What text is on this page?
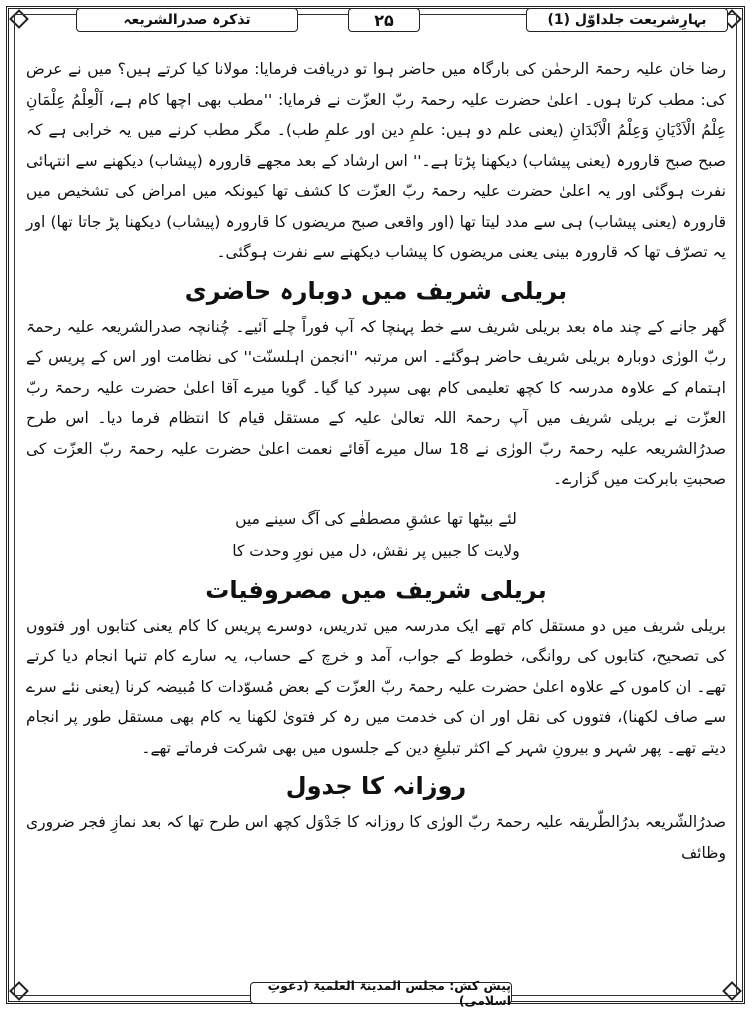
تذکرہ صدرالشریعہ	۲۵	بہارِشریعت جلداوّل (1)

رضا خان علیہ رحمۃ الرحمٰن کی بارگاہ میں حاضر ہوا تو دریافت فرمایا: مولانا کیا کرتے ہیں؟ میں نے عرض کی: مطب کرتا ہوں۔ اعلیٰ حضرت علیہ رحمۃ ربّ العزّت نے فرمایا: ''مطب بھی اچھا کام ہے، اَلْعِلْمُ عِلْمَانِ عِلْمُ الْاَدْیَانِ وَعِلْمُ الْاَبْدَانِ (یعنی علم دو ہیں: علمِ دین اور علمِ طب)۔ مگر مطب کرنے میں یہ خرابی ہے کہ صبح صبح قارورہ (یعنی پیشاب) دیکھنا پڑتا ہے۔'' اس ارشاد کے بعد مجھے قارورہ (پیشاب) دیکھنے سے انتہائی نفرت ہوگئی اور یہ اعلیٰ حضرت علیہ رحمۃ ربّ العزّت کا کشف تھا کیونکہ میں امراض کی تشخیص میں قارورہ (یعنی پیشاب) ہی سے مدد لیتا تھا (اور واقعی صبح مریضوں کا قارورہ (پیشاب) دیکھنا پڑ جاتا تھا) اور یہ تصرّف تھا کہ قارورہ بینی یعنی مریضوں کا پیشاب دیکھنے سے نفرت ہوگئی۔

بریلی شریف میں دوبارہ حاضری

گھر جانے کے چند ماہ بعد بریلی شریف سے خط پہنچا کہ آپ فوراً چلے آئیے۔ چُنانچہ صدرالشریعہ علیہ رحمۃ ربّ الورٰی دوبارہ بریلی شریف حاضر ہوگئے۔ اس مرتبہ ''انجمن اہلسنّت'' کی نظامت اور اس کے پریس کے اہتمام کے علاوہ مدرسہ کا کچھ تعلیمی کام بھی سپرد کیا گیا۔ گویا میرے آقا اعلیٰ حضرت علیہ رحمۃ ربّ العزّت نے بریلی شریف میں آپ رحمۃ اللہ تعالیٰ علیہ کے مستقل قیام کا انتظام فرما دیا۔ اس طرح صدرُالشریعہ علیہ رحمۃ ربّ الورٰی نے 18 سال میرے آقائے نعمت اعلیٰ حضرت علیہ رحمۃ ربّ العزّت کی صحبتِ بابرکت میں گزارے۔

لئے بیٹھا تھا عشقِ مصطفٰے کی آگ سینے میں

ولایت کا جبیں پر نقش، دل میں نورِ وحدت کا

بریلی شریف میں مصروفیات

بریلی شریف میں دو مستقل کام تھے ایک مدرسہ میں تدریس، دوسرے پریس کا کام یعنی کتابوں اور فتووں کی تصحیح، کتابوں کی روانگی، خطوط کے جواب، آمد و خرچ کے حساب، یہ سارے کام تنہا انجام دیا کرتے تھے۔ ان کاموں کے علاوہ اعلیٰ حضرت علیہ رحمۃ ربّ العزّت کے بعض مُسوّدات کا مُبیضہ کرنا (یعنی نئے سرے سے صاف لکھنا)، فتووں کی نقل اور ان کی خدمت میں رہ کر فتویٰ لکھنا یہ کام بھی مستقل طور پر انجام دیتے تھے۔ پھر شہر و بیرونِ شہر کے اکثر تبلیغِ دین کے جلسوں میں بھی شرکت فرماتے تھے۔

روزانہ کا جدول

صدرُالشّریعہ بدرُالطّریقہ علیہ رحمۃ ربّ الورٰی کا روزانہ کا جَدْوَل کچھ اس طرح تھا کہ بعد نمازِ فجر ضروری وظائف

پیش کش: مجلس المدینۃ العلمیۃ (دعوتِ اسلامی)
